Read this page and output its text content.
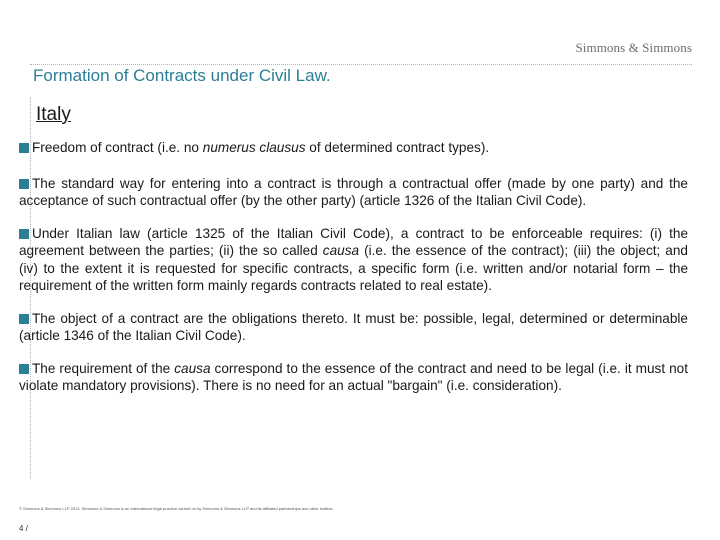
Simmons & Simmons
Formation of Contracts under Civil Law.
Italy
Freedom of contract (i.e. no numerus clausus of determined contract types).
The standard way for entering into a contract is through a contractual offer (made by one party) and the acceptance of such contractual offer (by the other party) (article 1326 of the Italian Civil Code).
Under Italian law (article 1325 of the Italian Civil Code), a contract to be enforceable requires: (i) the agreement between the parties; (ii) the so called causa (i.e. the essence of the contract); (iii) the object; and (iv) to the extent it is requested for specific contracts, a specific form (i.e. written and/or notarial form – the requirement of the written form mainly regards contracts related to real estate).
The object of a contract are the obligations thereto. It must be: possible, legal, determined or determinable (article 1346 of the Italian Civil Code).
The requirement of the causa correspond to the essence of the contract and need to be legal (i.e. it must not violate mandatory provisions). There is no need for an actual "bargain" (i.e. consideration).
© Simmons & Simmons LLP 2013. Simmons & Simmons is an international legal practice carried on by Simmons & Simmons LLP and its affiliated partnerships and other entities.
4 /
